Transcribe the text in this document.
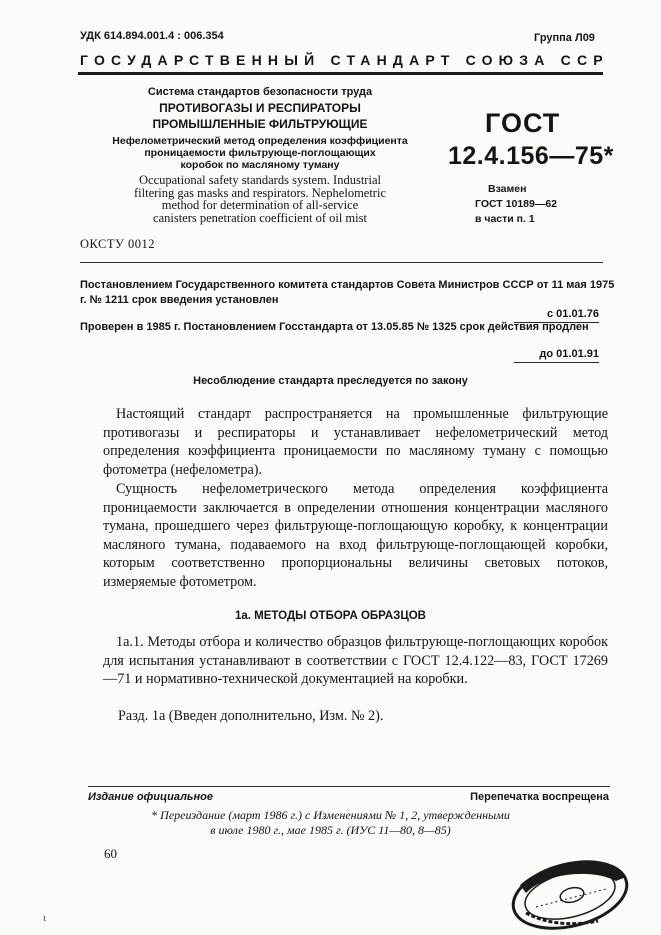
УДК 614.894.001.4 : 006.354	Группа Л09
ГОСУДАРСТВЕННЫЙ СТАНДАРТ СОЮЗА ССР
Система стандартов безопасности труда
ПРОТИВОГАЗЫ И РЕСПИРАТОРЫ
ПРОМЫШЛЕННЫЕ ФИЛЬТРУЮЩИЕ
Нефелометрический метод определения коэффициента
проницаемости фильтрующе-поглощающих
коробок по масляному туману
Occupational safety standards system. Industrial
filtering gas masks and respirators. Nephelometric
method for determination of all-service
canisters penetration coefficient of oil mist
ГОСТ
12.4.156—75*
Взамен
ГОСТ 10189—62
в части п. 1
ОКСТУ 0012
Постановлением Государственного комитета стандартов Совета Министров СССР от 11 мая 1975 г. № 1211 срок введения установлен
с 01.01.76
Проверен в 1985 г. Постановлением Госстандарта от 13.05.85 № 1325 срок действия продлен
до 01.01.91
Несоблюдение стандарта преследуется по закону
Настоящий стандарт распространяется на промышленные фильтрующие противогазы и респираторы и устанавливает нефелометрический метод определения коэффициента проницаемости по масляному туману с помощью фотометра (нефелометра).
Сущность нефелометрического метода определения коэффициента проницаемости заключается в определении отношения концентрации масляного тумана, прошедшего через фильтрующе-поглощающую коробку, к концентрации масляного тумана, подаваемого на вход фильтрующе-поглощающей коробки, которым соответственно пропорциональны величины световых потоков, измеряемые фотометром.
1а. МЕТОДЫ ОТБОРА ОБРАЗЦОВ
1а.1. Методы отбора и количество образцов фильтрующе-поглощающих коробок для испытания устанавливают в соответствии с ГОСТ 12.4.122—83, ГОСТ 17269—71 и нормативно-технической документацией на коробки.
Разд. 1а (Введен дополнительно, Изм. № 2).
Издание официальное	Перепечатка воспрещена
* Переиздание (март 1986 г.) с Изменениями № 1, 2, утвержденными
в июле 1980 г., мае 1985 г. (ИУС 11—80, 8—85)
60
ι
